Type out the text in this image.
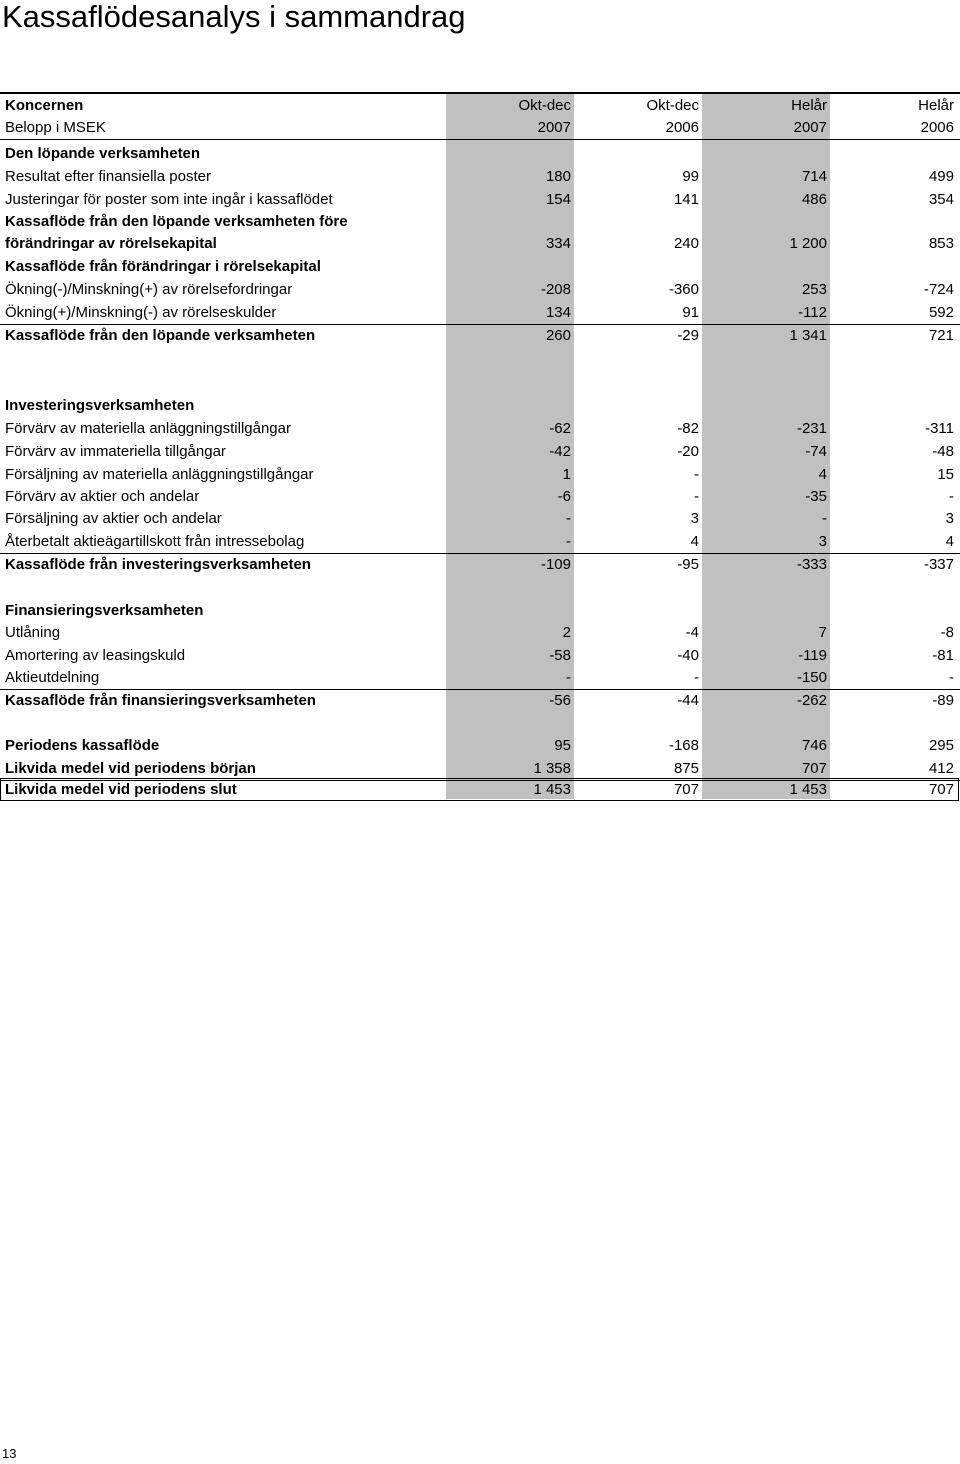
Kassaflödesanalys i sammandrag
Koncernen	Okt-dec	Okt-dec	Helår	Helår
Belopp i MSEK	2007	2006	2007	2006
Den löpande verksamheten
Resultat efter finansiella poster	180	99	714	499
Justeringar för poster som inte ingår i kassaflödet	154	141	486	354
Kassaflöde från den löpande verksamheten före
förändringar av rörelsekapital	334	240	1 200	853
Kassaflöde från förändringar i rörelsekapital
Ökning(-)/Minskning(+) av rörelsefordringar	-208	-360	253	-724
Ökning(+)/Minskning(-) av rörelseskulder	134	91	-112	592
Kassaflöde från den löpande verksamheten	260	-29	1 341	721
Investeringsverksamheten
Förvärv av materiella anläggningstillgångar	-62	-82	-231	-311
Förvärv av immateriella tillgångar	-42	-20	-74	-48
Försäljning av materiella anläggningstillgångar	1	-	4	15
Förvärv av aktier och andelar	-6	-	-35	-
Försäljning av aktier och andelar	-	3	-	3
Återbetalt aktieägartillskott från intressebolag	-	4	3	4
Kassaflöde från investeringsverksamheten	-109	-95	-333	-337
Finansieringsverksamheten
Utlåning	2	-4	7	-8
Amortering av leasingskuld	-58	-40	-119	-81
Aktieutdelning	-	-	-150	-
Kassaflöde från finansieringsverksamheten	-56	-44	-262	-89
Periodens kassaflöde	95	-168	746	295
Likvida medel vid periodens början	1 358	875	707	412
Likvida medel vid periodens slut	1 453	707	1 453	707
13
